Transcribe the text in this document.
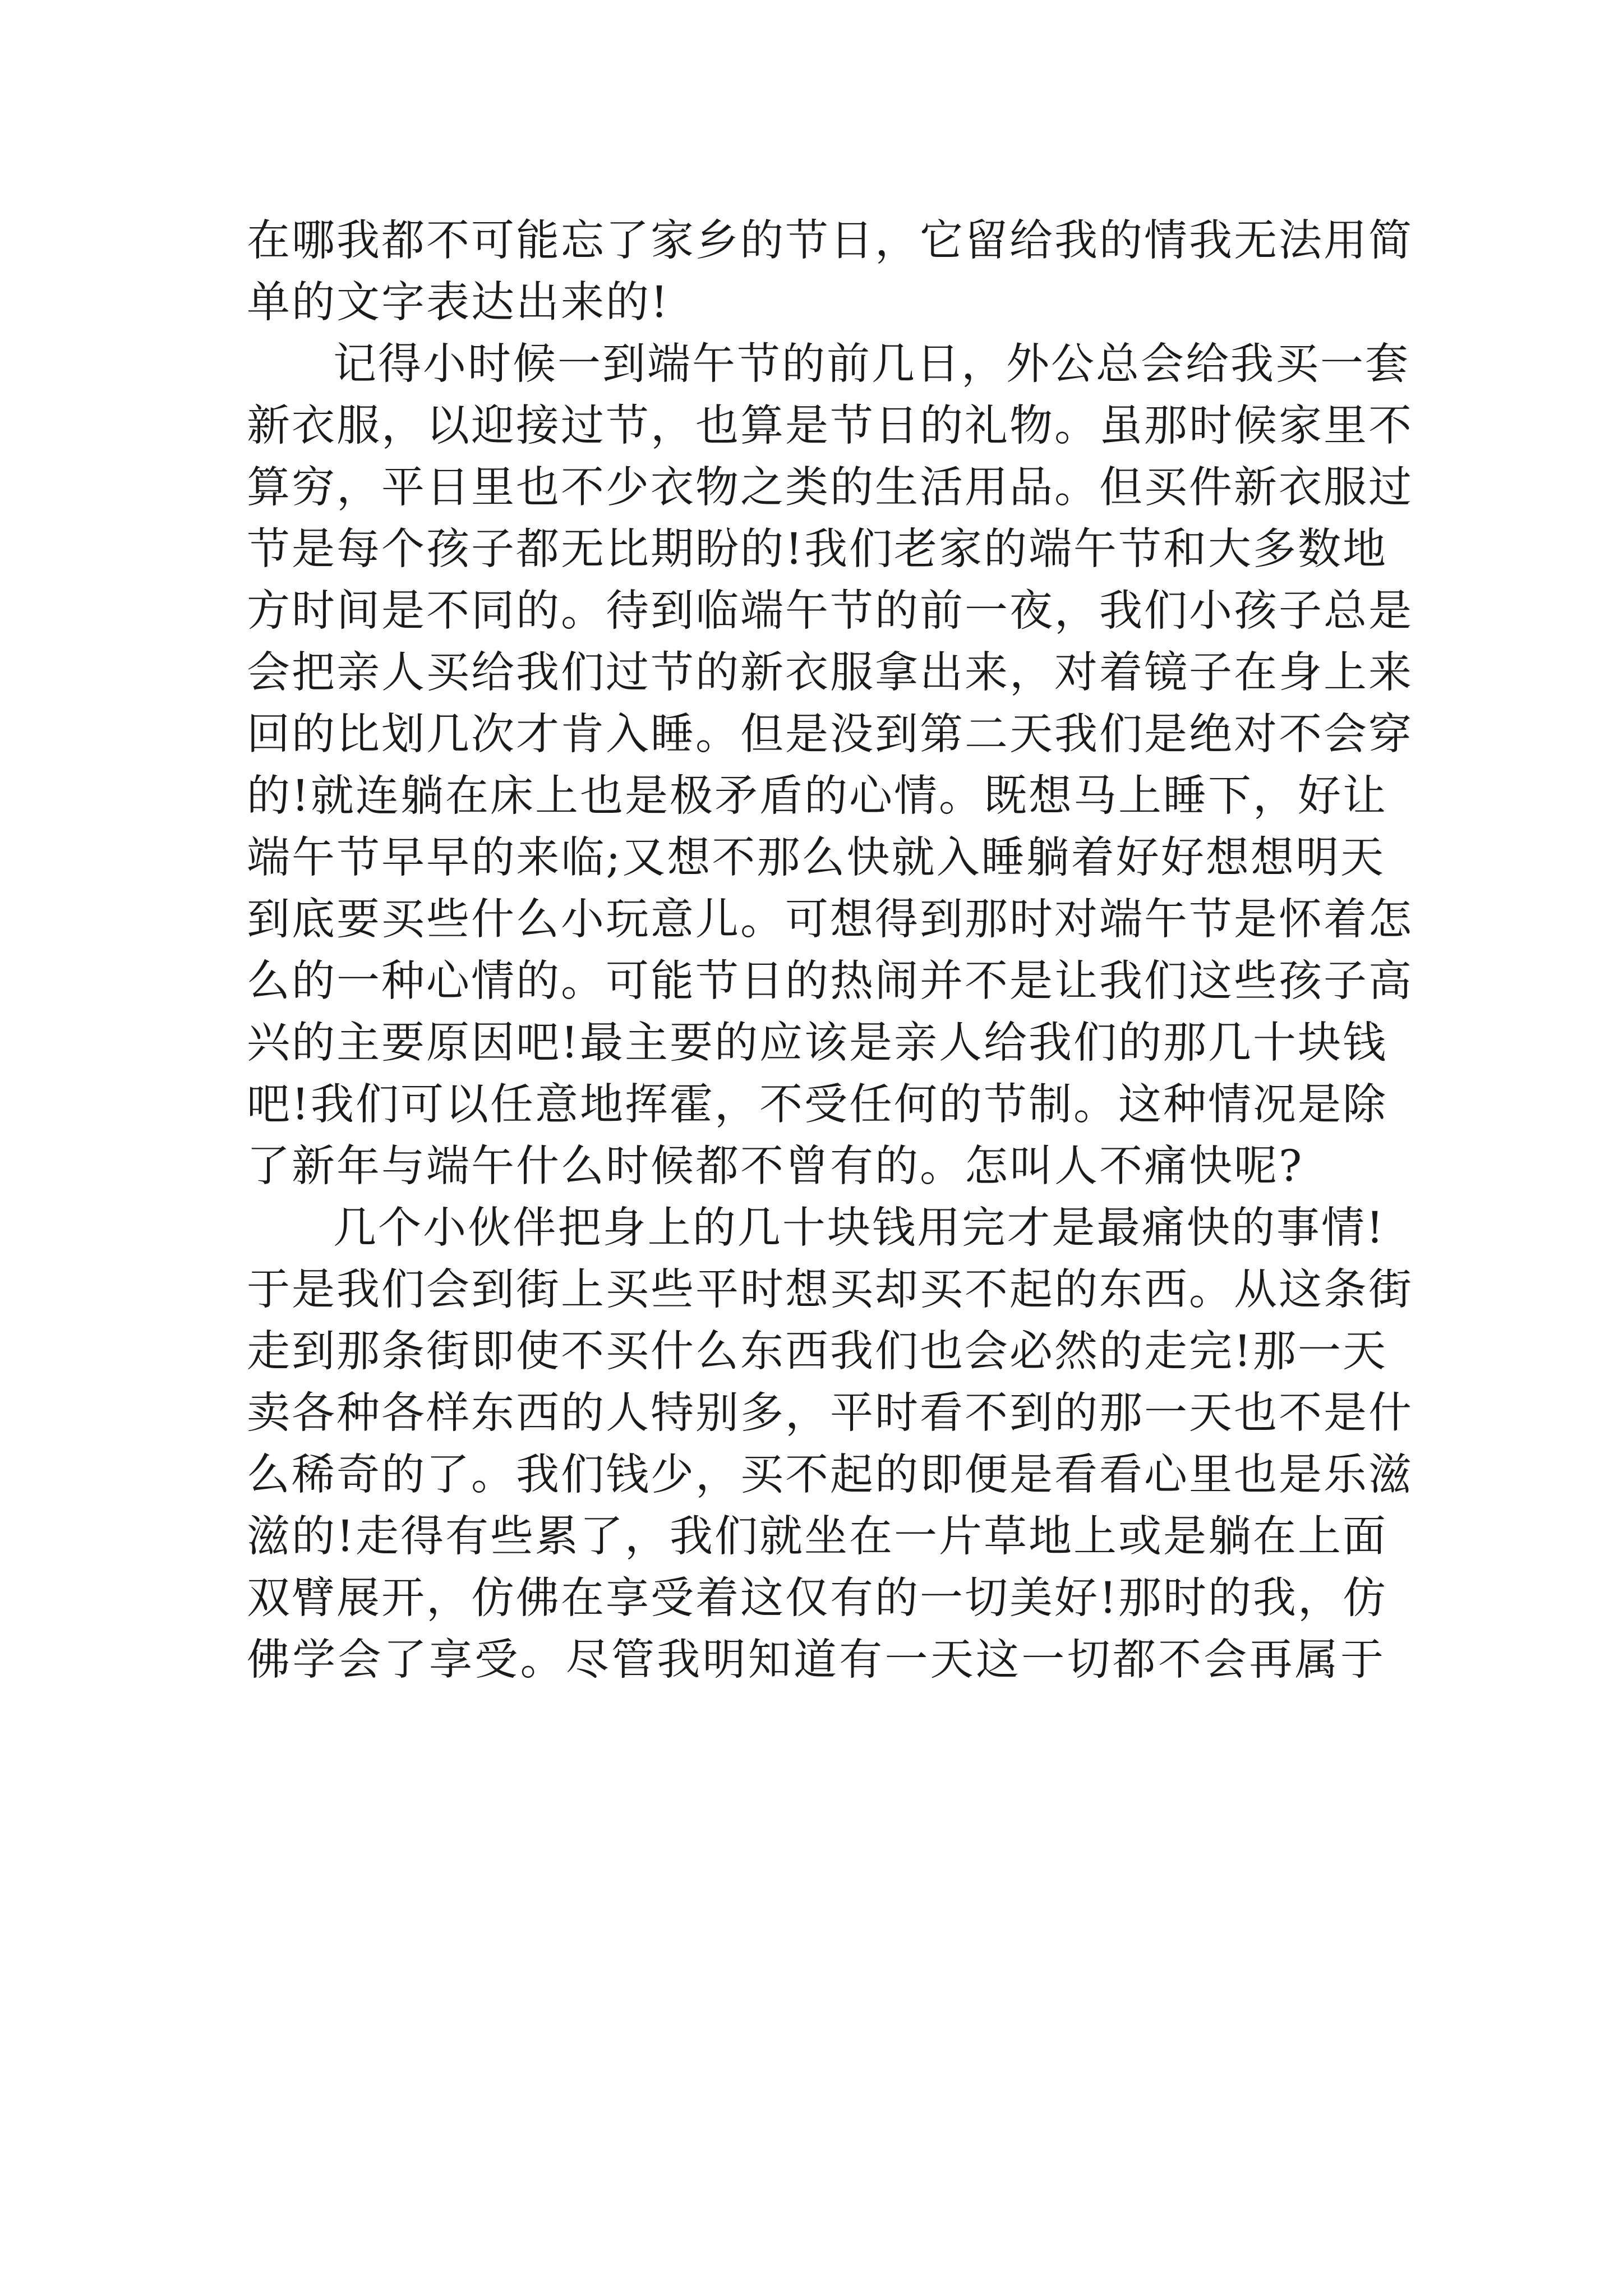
在哪我都不可能忘了家乡的节日，它留给我的情我无法用简
单的文字表达出来的!
记得小时候一到端午节的前几日，外公总会给我买一套
新衣服，以迎接过节，也算是节日的礼物。虽那时候家里不
算穷，平日里也不少衣物之类的生活用品。但买件新衣服过
节是每个孩子都无比期盼的!我们老家的端午节和大多数地
方时间是不同的。待到临端午节的前一夜，我们小孩子总是
会把亲人买给我们过节的新衣服拿出来，对着镜子在身上来
回的比划几次才肯入睡。但是没到第二天我们是绝对不会穿
的!就连躺在床上也是极矛盾的心情。既想马上睡下，好让
端午节早早的来临;又想不那么快就入睡躺着好好想想明天
到底要买些什么小玩意儿。可想得到那时对端午节是怀着怎
么的一种心情的。可能节日的热闹并不是让我们这些孩子高
兴的主要原因吧!最主要的应该是亲人给我们的那几十块钱
吧!我们可以任意地挥霍，不受任何的节制。这种情况是除
了新年与端午什么时候都不曾有的。怎叫人不痛快呢?
几个小伙伴把身上的几十块钱用完才是最痛快的事情!
于是我们会到街上买些平时想买却买不起的东西。从这条街
走到那条街即使不买什么东西我们也会必然的走完!那一天
卖各种各样东西的人特别多，平时看不到的那一天也不是什
么稀奇的了。我们钱少，买不起的即便是看看心里也是乐滋
滋的!走得有些累了，我们就坐在一片草地上或是躺在上面
双臂展开，仿佛在享受着这仅有的一切美好!那时的我，仿
佛学会了享受。尽管我明知道有一天这一切都不会再属于
